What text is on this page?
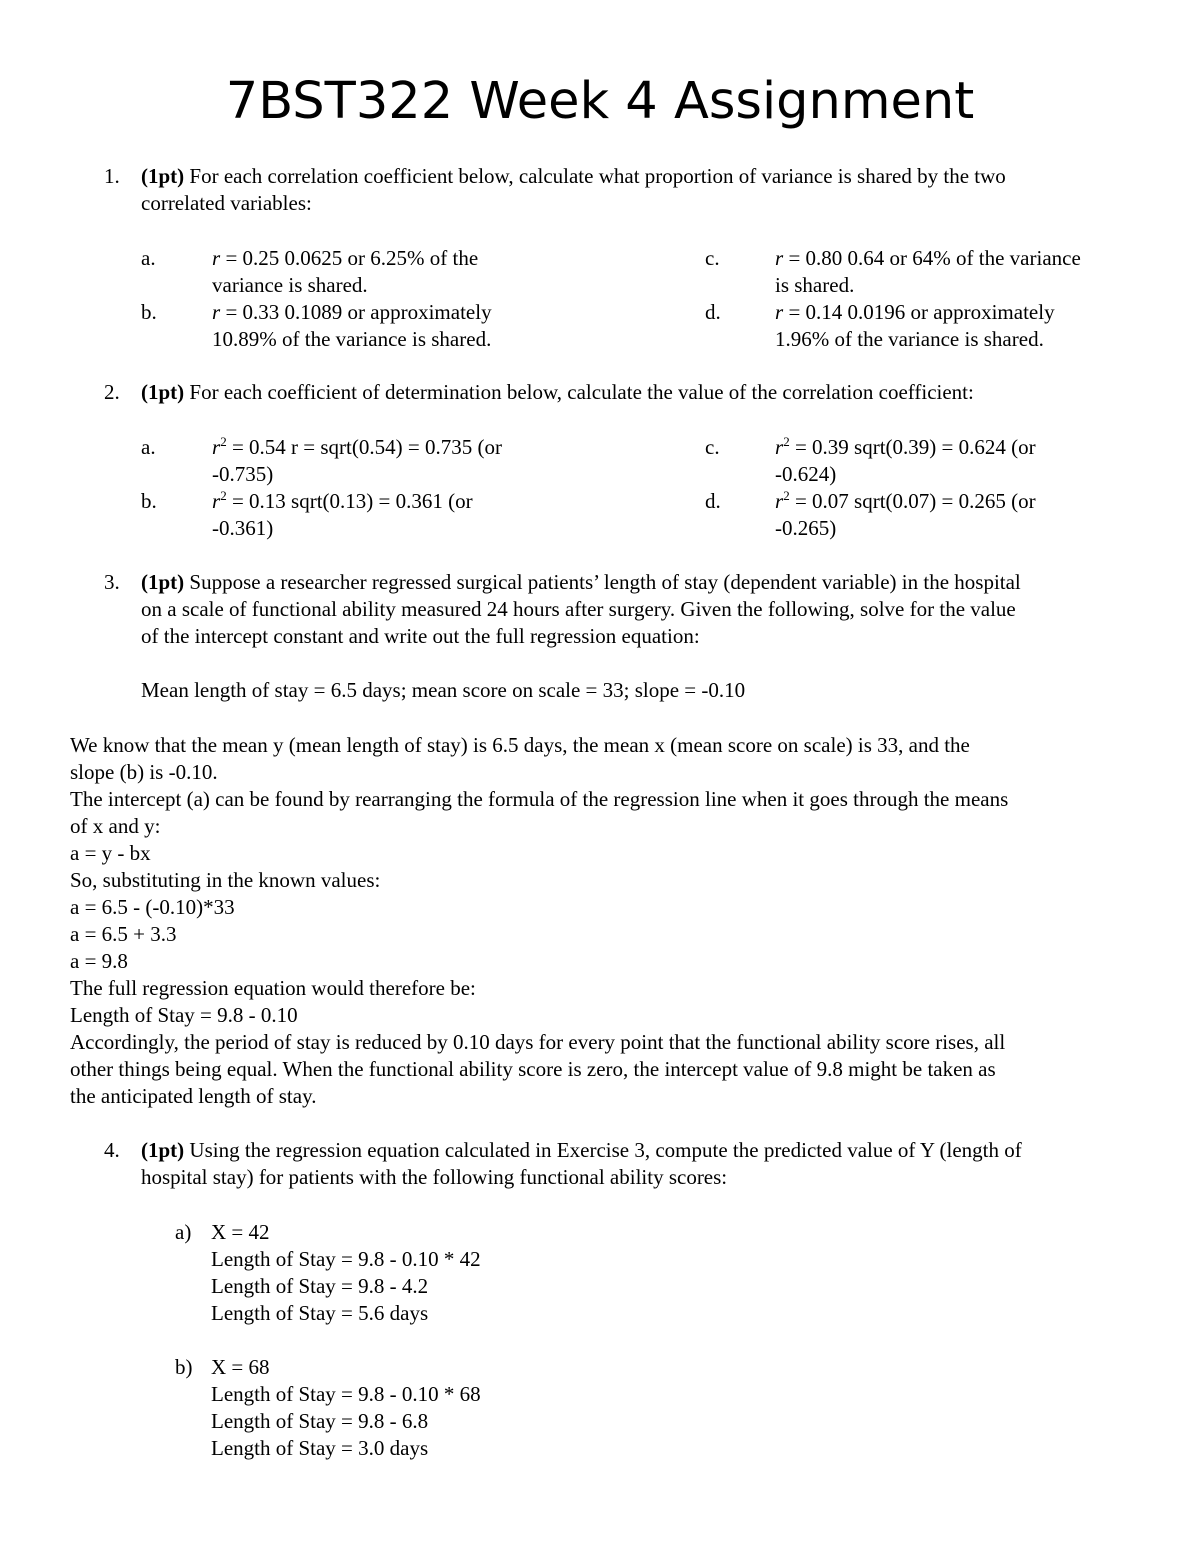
7BST322 Week 4 Assignment
1. (1pt) For each correlation coefficient below, calculate what proportion of variance is shared by the two
correlated variables:
a.	r = 0.25 0.0625 or 6.25% of the
variance is shared.
b.	r = 0.33 0.1089 or approximately
10.89% of the variance is shared.
c.	r = 0.80 0.64 or 64% of the variance
is shared.
d.	r = 0.14 0.0196 or approximately
1.96% of the variance is shared.
2. (1pt) For each coefficient of determination below, calculate the value of the correlation coefficient:
a.	$r^2 = 0.54$ r = sqrt(0.54) = 0.735 (or
-0.735)
b.	$r^2 = 0.13$ sqrt(0.13) = 0.361 (or
-0.361)
c.	$r^2 = 0.39$ sqrt(0.39) = 0.624 (or
-0.624)
d.	$r^2 = 0.07$ sqrt(0.07) = 0.265 (or
-0.265)
3. (1pt) Suppose a researcher regressed surgical patients’ length of stay (dependent variable) in the hospital
on a scale of functional ability measured 24 hours after surgery. Given the following, solve for the value
of the intercept constant and write out the full regression equation:
Mean length of stay = 6.5 days; mean score on scale = 33; slope = -0.10
We know that the mean y (mean length of stay) is 6.5 days, the mean x (mean score on scale) is 33, and the
slope (b) is -0.10.
The intercept (a) can be found by rearranging the formula of the regression line when it goes through the means
of x and y:
a = y - bx
So, substituting in the known values:
a = 6.5 - (-0.10)*33
a = 6.5 + 3.3
a = 9.8
The full regression equation would therefore be:
Length of Stay = 9.8 - 0.10
Accordingly, the period of stay is reduced by 0.10 days for every point that the functional ability score rises, all
other things being equal. When the functional ability score is zero, the intercept value of 9.8 might be taken as
the anticipated length of stay.
4. (1pt) Using the regression equation calculated in Exercise 3, compute the predicted value of Y (length of
hospital stay) for patients with the following functional ability scores:
a) X = 42
Length of Stay = 9.8 - 0.10 * 42
Length of Stay = 9.8 - 4.2
Length of Stay = 5.6 days
b) X = 68
Length of Stay = 9.8 - 0.10 * 68
Length of Stay = 9.8 - 6.8
Length of Stay = 3.0 days
